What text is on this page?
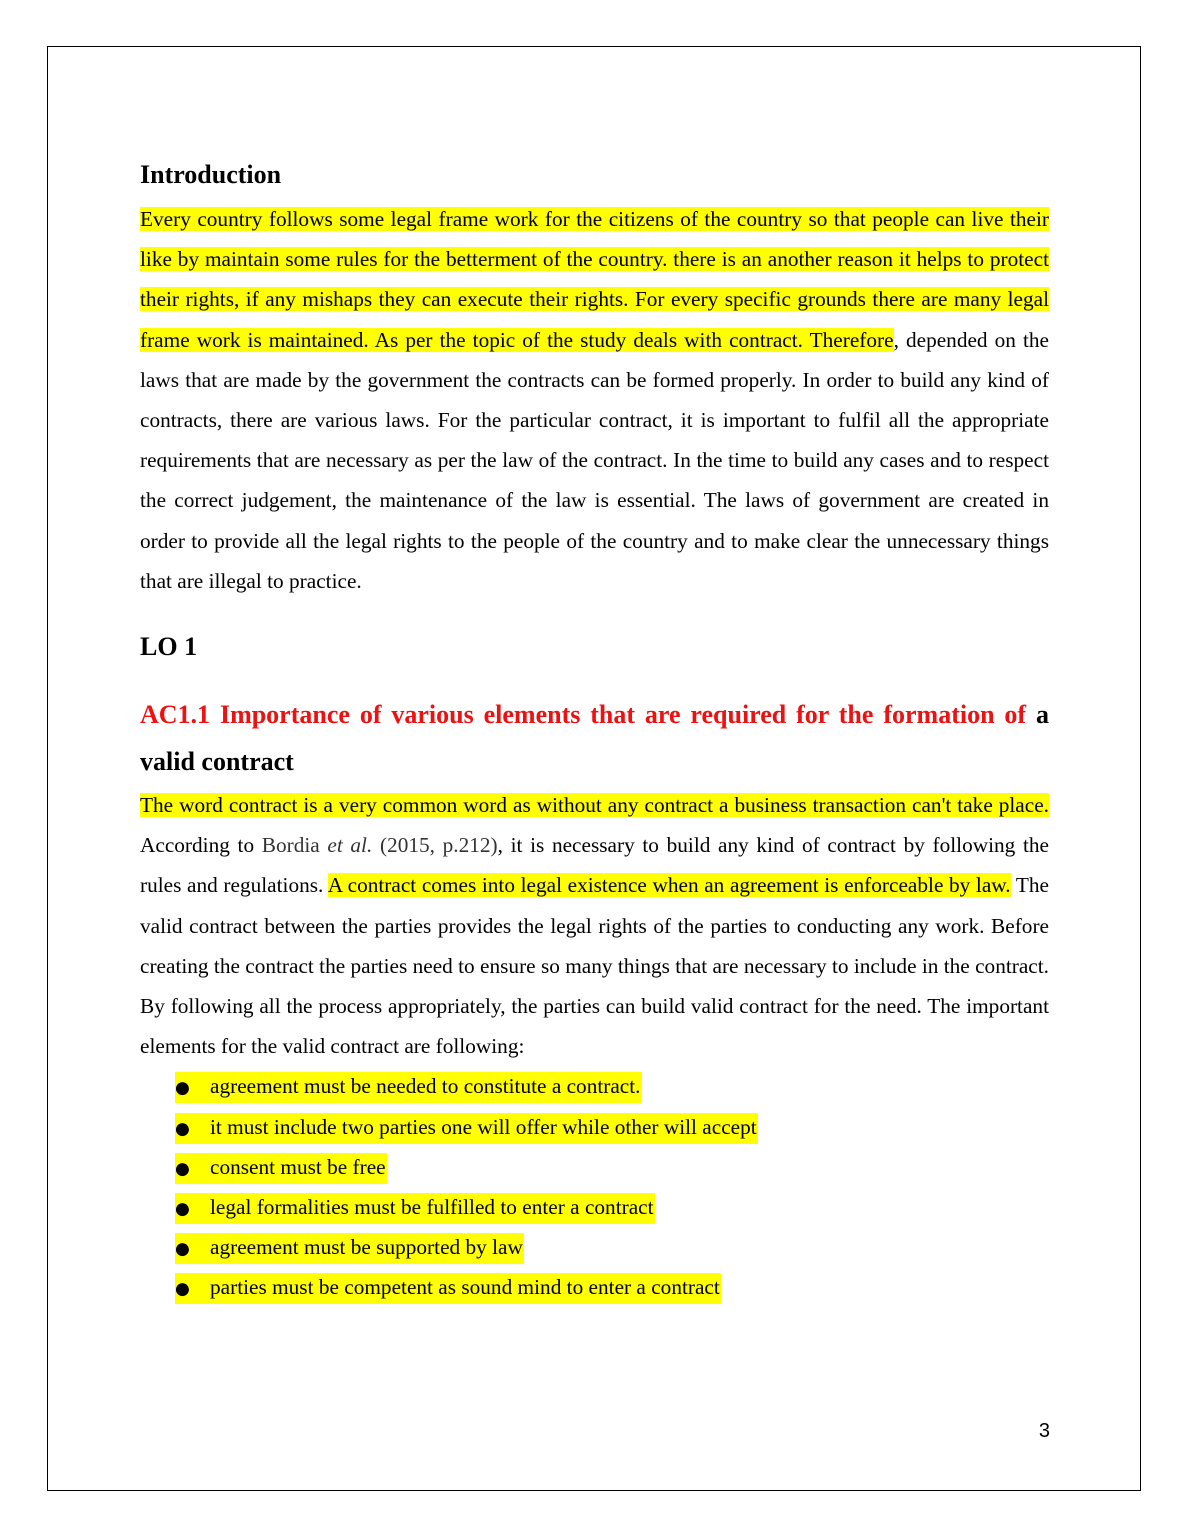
Introduction

Every country follows some legal frame work for the citizens of the country so that people can live their like by maintain some rules for the betterment of the country. there is an another reason it helps to protect their rights, if any mishaps they can execute their rights. For every specific grounds there are many legal frame work is maintained. As per the topic of the study deals with contract. Therefore, depended on the laws that are made by the government the contracts can be formed properly. In order to build any kind of contracts, there are various laws. For the particular contract, it is important to fulfil all the appropriate requirements that are necessary as per the law of the contract. In the time to build any cases and to respect the correct judgement, the maintenance of the law is essential. The laws of government are created in order to provide all the legal rights to the people of the country and to make clear the unnecessary things that are illegal to practice.

LO 1
AC1.1 Importance of various elements that are required for the formation of a valid contract

The word contract is a very common word as without any contract a business transaction can't take place. According to Bordia et al. (2015, p.212), it is necessary to build any kind of contract by following the rules and regulations. A contract comes into legal existence when an agreement is enforceable by law. The valid contract between the parties provides the legal rights of the parties to conducting any work. Before creating the contract the parties need to ensure so many things that are necessary to include in the contract. By following all the process appropriately, the parties can build valid contract for the need. The important elements for the valid contract are following:

● agreement must be needed to constitute a contract.
● it must include two parties one will offer while other will accept
● consent must be free
● legal formalities must be fulfilled to enter a contract
● agreement must be supported by law
● parties must be competent as sound mind to enter a contract
3
